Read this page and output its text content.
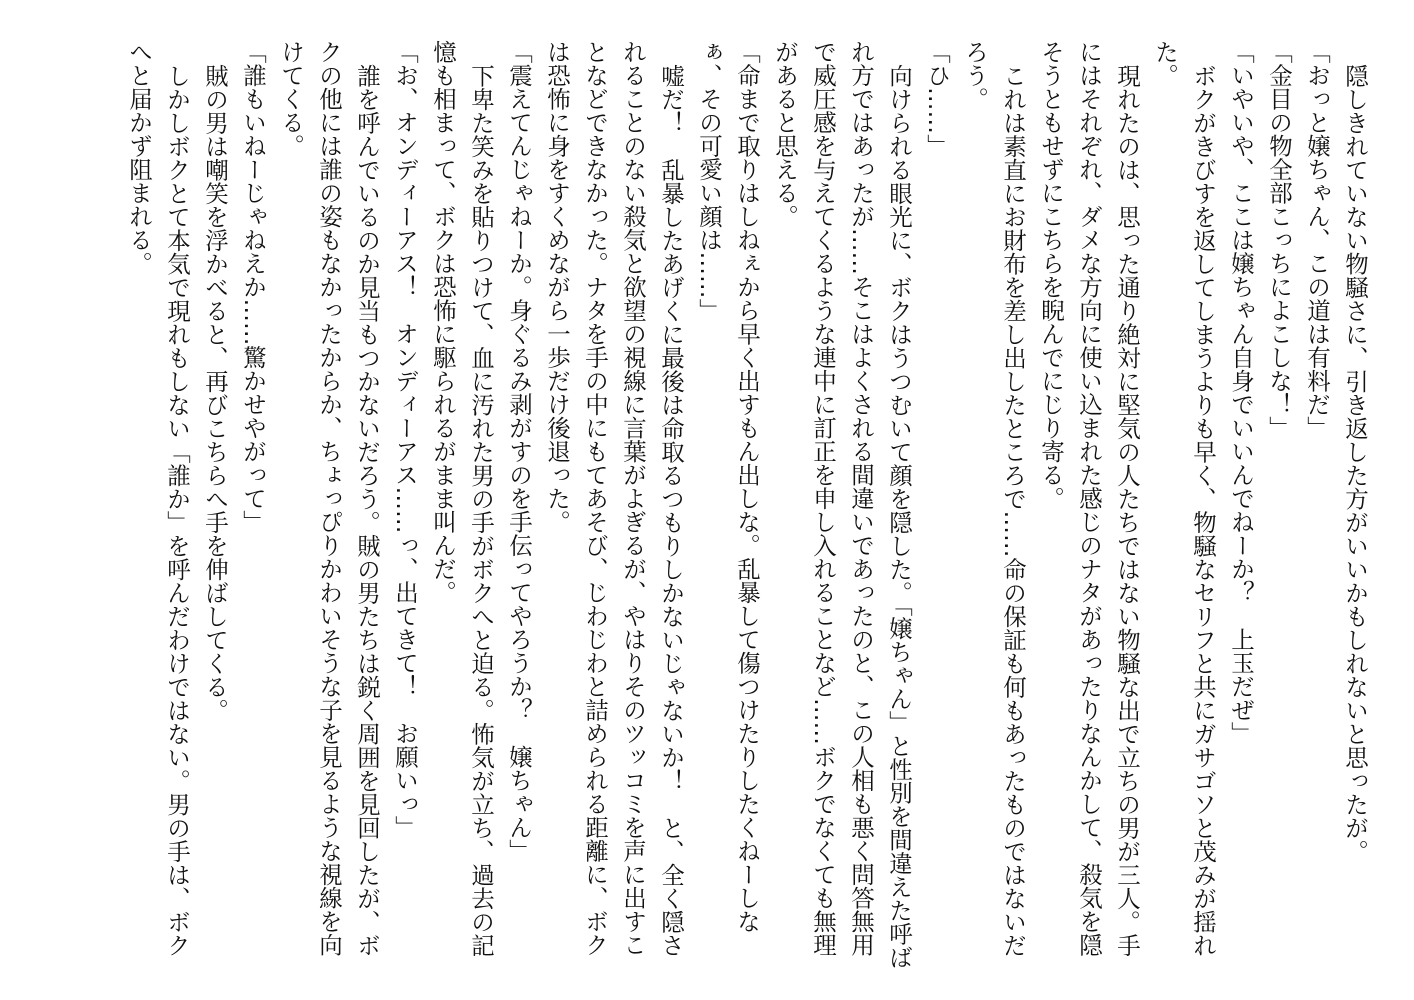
隠しきれていない物騒さに、引き返した方がいいかもしれないと思ったが。

「おっと嬢ちゃん、この道は有料だ」

「金目の物全部こっちによこしな！」

「いやいや、ここは嬢ちゃん自身でいいんでねーか？　上玉だぜ」

ボクがきびすを返してしまうよりも早く、物騒なセリフと共にガサゴソと茂みが揺れた。

現れたのは、思った通り絶対に堅気の人たちではない物騒な出で立ちの男が三人。手にはそれぞれ、ダメな方向に使い込まれた感じのナタがあったりなんかして、殺気を隠そうともせずにこちらを睨んでにじり寄る。

これは素直にお財布を差し出したところで……命の保証も何もあったものではないだろう。

「ひ……」

向けられる眼光に、ボクはうつむいて顔を隠した。「嬢ちゃん」と性別を間違えた呼ばれ方ではあったが……そこはよくされる間違いであったのと、この人相も悪く問答無用で威圧感を与えてくるような連中に訂正を申し入れることなど……ボクでなくても無理があると思える。

「命まで取りはしねぇから早く出すもん出しな。乱暴して傷つけたりしたくねーしなぁ、その可愛い顔は……」

嘘だ！　乱暴したあげくに最後は命取るつもりしかないじゃないか！　と、全く隠されることのない殺気と欲望の視線に言葉がよぎるが、やはりそのツッコミを声に出すことなどできなかった。ナタを手の中にもてあそび、じわじわと詰められる距離に、ボクは恐怖に身をすくめながら一歩だけ後退った。

「震えてんじゃねーか。身ぐるみ剥がすのを手伝ってやろうか？　嬢ちゃん」

下卑た笑みを貼りつけて、血に汚れた男の手がボクへと迫る。怖気が立ち、過去の記憶も相まって、ボクは恐怖に駆られるがまま叫んだ。

「お、オンディーアス！　オンディーアス……っ、出てきて！　お願いっ」

誰を呼んでいるのか見当もつかないだろう。賊の男たちは鋭く周囲を見回したが、ボクの他には誰の姿もなかったからか、ちょっぴりかわいそうな子を見るような視線を向けてくる。

「誰もいねーじゃねえか……驚かせやがって」

賊の男は嘲笑を浮かべると、再びこちらへ手を伸ばしてくる。

しかしボクとて本気で現れもしない「誰か」を呼んだわけではない。男の手は、ボクへと届かず阻まれる。
